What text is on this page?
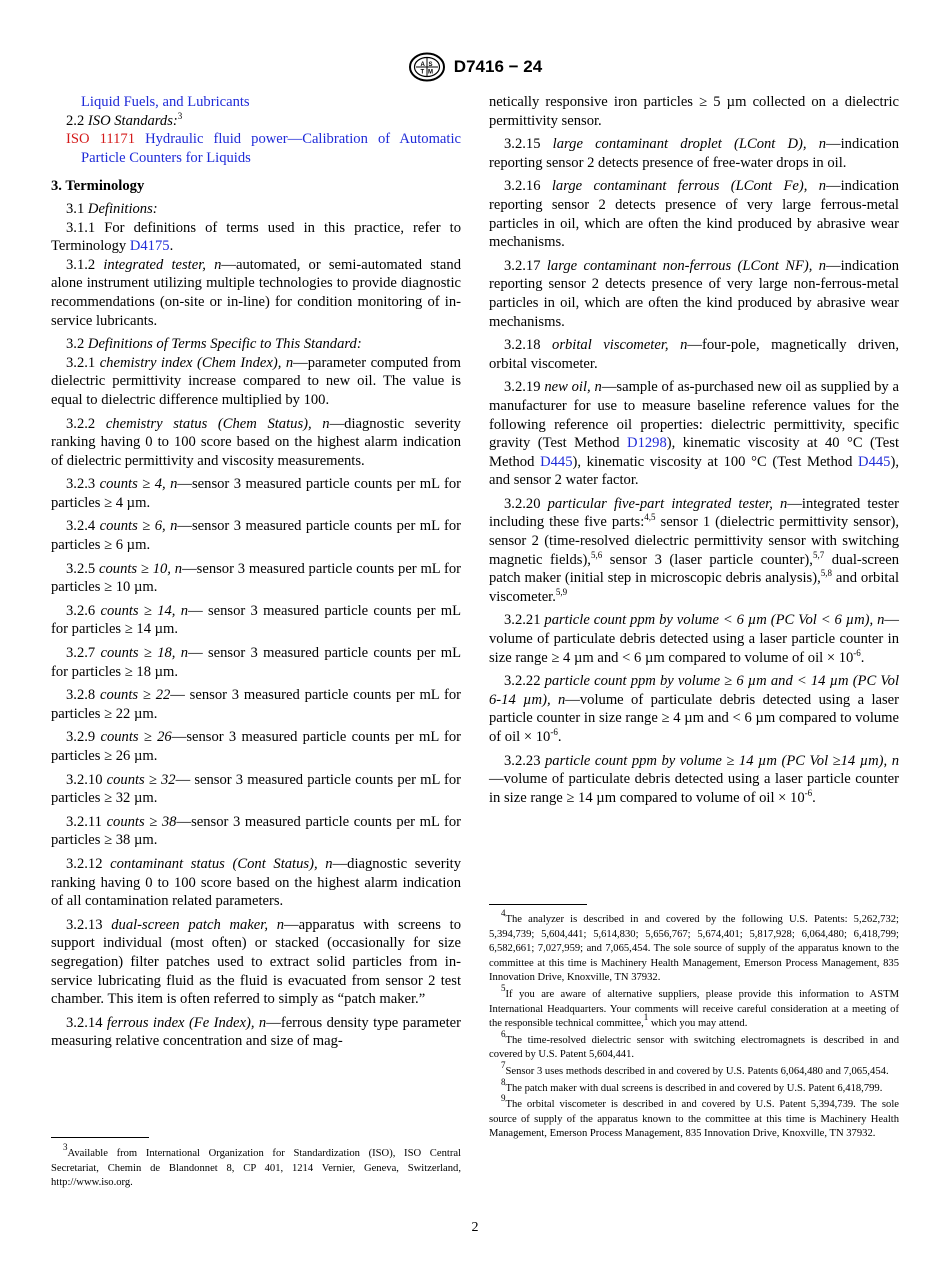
A S
T M D7416 − 24

Liquid Fuels, and Lubricants

2.2 ISO Standards:$^3$

ISO 11171 Hydraulic fluid power—Calibration of Automatic Particle Counters for Liquids

3. Terminology

3.1 Definitions:

3.1.1 For definitions of terms used in this practice, refer to Terminology D4175.

3.1.2 integrated tester, n—automated, or semi-automated stand alone instrument utilizing multiple technologies to provide diagnostic recommendations (on-site or in-line) for condition monitoring of in-service lubricants.

3.2 Definitions of Terms Specific to This Standard:

3.2.1 chemistry index (Chem Index), n—parameter computed from dielectric permittivity increase compared to new oil. The value is equal to dielectric difference multiplied by 100.

3.2.2 chemistry status (Chem Status), n—diagnostic severity ranking having 0 to 100 score based on the highest alarm indication of dielectric permittivity and viscosity measurements.

3.2.3 counts ≥ 4, n—sensor 3 measured particle counts per mL for particles ≥ 4 µm.

3.2.4 counts ≥ 6, n—sensor 3 measured particle counts per mL for particles ≥ 6 µm.

3.2.5 counts ≥ 10, n—sensor 3 measured particle counts per mL for particles ≥ 10 µm.

3.2.6 counts ≥ 14, n— sensor 3 measured particle counts per mL for particles ≥ 14 µm.

3.2.7 counts ≥ 18, n— sensor 3 measured particle counts per mL for particles ≥ 18 µm.

3.2.8 counts ≥ 22— sensor 3 measured particle counts per mL for particles ≥ 22 µm.

3.2.9 counts ≥ 26—sensor 3 measured particle counts per mL for particles ≥ 26 µm.

3.2.10 counts ≥ 32— sensor 3 measured particle counts per mL for particles ≥ 32 µm.

3.2.11 counts ≥ 38—sensor 3 measured particle counts per mL for particles ≥ 38 µm.

3.2.12 contaminant status (Cont Status), n—diagnostic severity ranking having 0 to 100 score based on the highest alarm indication of all contamination related parameters.

3.2.13 dual-screen patch maker, n—apparatus with screens to support individual (most often) or stacked (occasionally for size segregation) filter patches used to extract solid particles from in-service lubricating fluid as the fluid is evacuated from sensor 2 test chamber. This item is often referred to simply as “patch maker.”

3.2.14 ferrous index (Fe Index), n—ferrous density type parameter measuring relative concentration and size of mag-

netically responsive iron particles ≥ 5 µm collected on a dielectric permittivity sensor.

3.2.15 large contaminant droplet (LCont D), n—indication reporting sensor 2 detects presence of free-water drops in oil.

3.2.16 large contaminant ferrous (LCont Fe), n—indication reporting sensor 2 detects presence of very large ferrous-metal particles in oil, which are often the kind produced by abrasive wear mechanisms.

3.2.17 large contaminant non-ferrous (LCont NF), n—indication reporting sensor 2 detects presence of very large non-ferrous-metal particles in oil, which are often the kind produced by abrasive wear mechanisms.

3.2.18 orbital viscometer, n—four-pole, magnetically driven, orbital viscometer.

3.2.19 new oil, n—sample of as-purchased new oil as supplied by a manufacturer for use to measure baseline reference values for the following reference oil properties: dielectric permittivity, specific gravity (Test Method D1298), kinematic viscosity at 40 °C (Test Method D445), kinematic viscosity at 100 °C (Test Method D445), and sensor 2 water factor.

3.2.20 particular five-part integrated tester, n—integrated tester including these five parts:$^{4,5}$ sensor 1 (dielectric permittivity sensor), sensor 2 (time-resolved dielectric permittivity sensor with switching magnetic fields),$^{5,6}$ sensor 3 (laser particle counter),$^{5,7}$ dual-screen patch maker (initial step in microscopic debris analysis),$^{5,8}$ and orbital viscometer.$^{5,9}$

3.2.21 particle count ppm by volume < 6 µm (PC Vol < 6 µm), n—volume of particulate debris detected using a laser particle counter in size range ≥ 4 µm and < 6 µm compared to volume of oil × $10^{-6}$.

3.2.22 particle count ppm by volume ≥ 6 µm and < 14 µm (PC Vol 6-14 µm), n—volume of particulate debris detected using a laser particle counter in size range ≥ 4 µm and < 6 µm compared to volume of oil × $10^{-6}$.

3.2.23 particle count ppm by volume ≥ 14 µm (PC Vol ≥14 µm), n—volume of particulate debris detected using a laser particle counter in size range ≥ 14 µm compared to volume of oil × $10^{-6}$.

$^3$Available from International Organization for Standardization (ISO), ISO Central Secretariat, Chemin de Blandonnet 8, CP 401, 1214 Vernier, Geneva, Switzerland, http://www.iso.org.

$^4$The analyzer is described in and covered by the following U.S. Patents: 5,262,732; 5,394,739; 5,604,441; 5,614,830; 5,656,767; 5,674,401; 5,817,928; 6,064,480; 6,418,799; 6,582,661; 7,027,959; and 7,065,454. The sole source of supply of the apparatus known to the committee at this time is Machinery Health Management, Emerson Process Management, 835 Innovation Drive, Knoxville, TN 37932.

$^5$If you are aware of alternative suppliers, please provide this information to ASTM International Headquarters. Your comments will receive careful consideration at a meeting of the responsible technical committee,$^1$ which you may attend.

$^6$The time-resolved dielectric sensor with switching electromagnets is described in and covered by U.S. Patent 5,604,441.

$^7$Sensor 3 uses methods described in and covered by U.S. Patents 6,064,480 and 7,065,454.

$^8$The patch maker with dual screens is described in and covered by U.S. Patent 6,418,799.

$^9$The orbital viscometer is described in and covered by U.S. Patent 5,394,739. The sole source of supply of the apparatus known to the committee at this time is Machinery Health Management, Emerson Process Management, 835 Innovation Drive, Knoxville, TN 37932.

2
